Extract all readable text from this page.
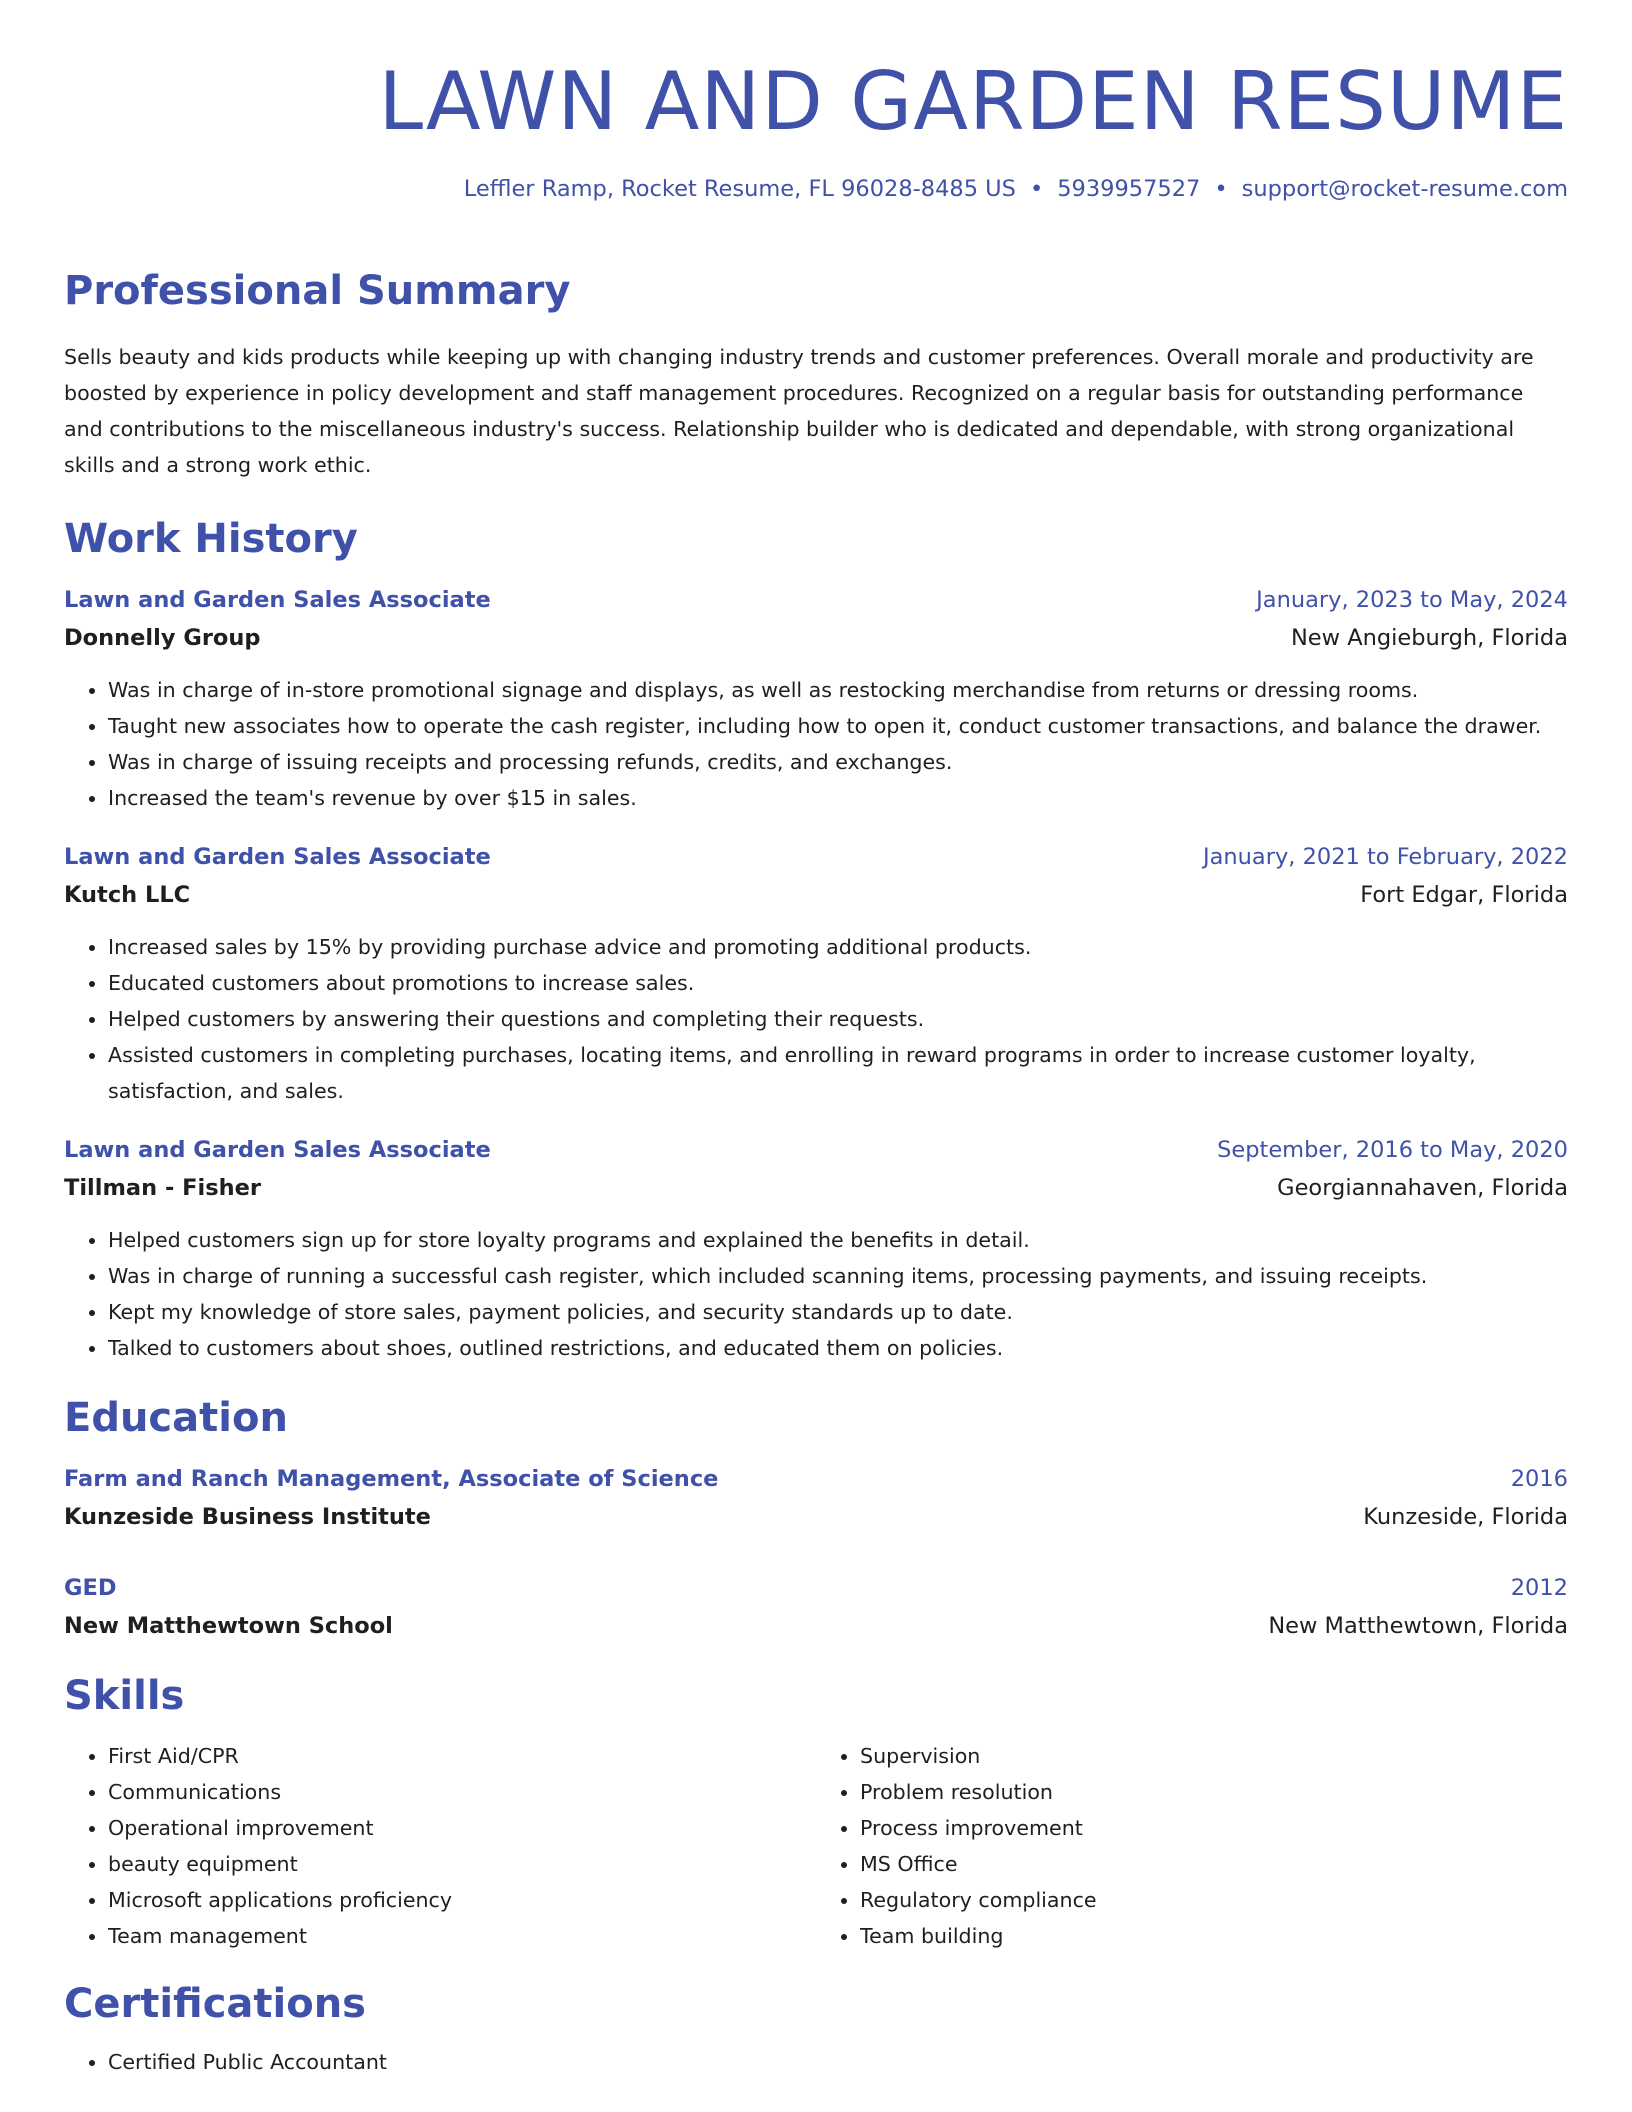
LAWN AND GARDEN RESUME
Leffler Ramp, Rocket Resume, FL 96028-8485 US • 5939957527 • support@rocket-resume.com
Professional Summary
Sells beauty and kids products while keeping up with changing industry trends and customer preferences. Overall morale and productivity are boosted by experience in policy development and staff management procedures. Recognized on a regular basis for outstanding performance and contributions to the miscellaneous industry's success. Relationship builder who is dedicated and dependable, with strong organizational skills and a strong work ethic.
Work History
Lawn and Garden Sales Associate	January, 2023 to May, 2024
Donnelly Group	New Angieburgh, Florida
• Was in charge of in-store promotional signage and displays, as well as restocking merchandise from returns or dressing rooms.
• Taught new associates how to operate the cash register, including how to open it, conduct customer transactions, and balance the drawer.
• Was in charge of issuing receipts and processing refunds, credits, and exchanges.
• Increased the team's revenue by over $15 in sales.
Lawn and Garden Sales Associate	January, 2021 to February, 2022
Kutch LLC	Fort Edgar, Florida
• Increased sales by 15% by providing purchase advice and promoting additional products.
• Educated customers about promotions to increase sales.
• Helped customers by answering their questions and completing their requests.
• Assisted customers in completing purchases, locating items, and enrolling in reward programs in order to increase customer loyalty, satisfaction, and sales.
Lawn and Garden Sales Associate	September, 2016 to May, 2020
Tillman - Fisher	Georgiannahaven, Florida
• Helped customers sign up for store loyalty programs and explained the benefits in detail.
• Was in charge of running a successful cash register, which included scanning items, processing payments, and issuing receipts.
• Kept my knowledge of store sales, payment policies, and security standards up to date.
• Talked to customers about shoes, outlined restrictions, and educated them on policies.
Education
Farm and Ranch Management, Associate of Science	2016
Kunzeside Business Institute	Kunzeside, Florida
GED	2012
New Matthewtown School	New Matthewtown, Florida
Skills
• First Aid/CPR
• Communications
• Operational improvement
• beauty equipment
• Microsoft applications proficiency
• Team management
• Supervision
• Problem resolution
• Process improvement
• MS Office
• Regulatory compliance
• Team building
Certifications
• Certified Public Accountant
